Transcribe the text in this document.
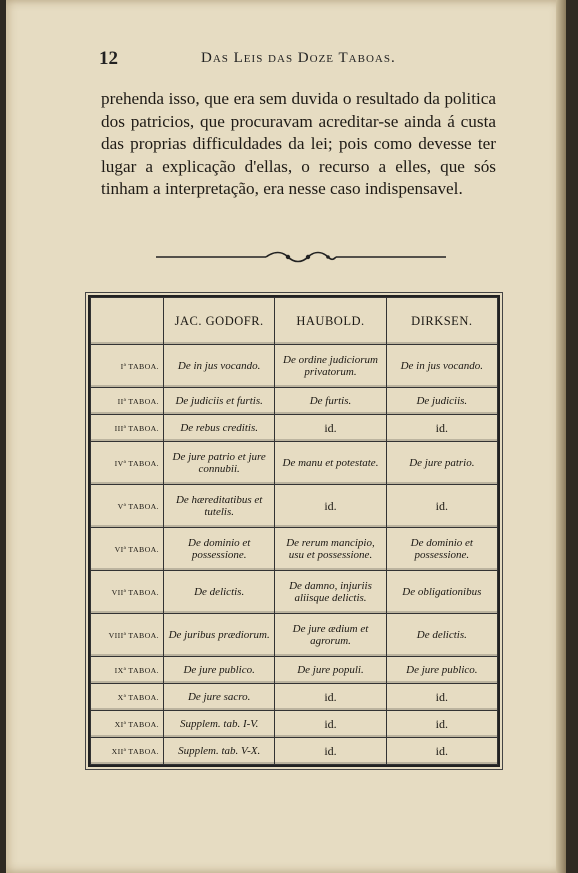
12	Das Leis das Doze Taboas.

prehenda isso, que era sem duvida o resultado da politica dos patricios, que procuravam acreditar-se ainda á custa das proprias difficuldades da lei; pois como devesse ter lugar a explicação d'ellas, o recurso a elles, que sós tinham a interpretação, era nesse caso indispensavel.

	JAC. GODOFR.	HAUBOLD.	DIRKSEN.
Iª TABOA.	De in jus vocando.	De ordine judiciorum privatorum.	De in jus vocando.
IIª TABOA.	De judiciis et furtis.	De furtis.	De judiciis.
IIIª TABOA.	De rebus creditis.	id.	id.
IVª TABOA.	De jure patrio et jure connubii.	De manu et potestate.	De jure patrio.
Vª TABOA.	De hæreditatibus et tutelis.	id.	id.
VIª TABOA.	De dominio et possessione.	De rerum mancipio, usu et possessione.	De dominio et possessione.
VIIª TABOA.	De delictis.	De damno, injuriis aliisque delictis.	De obligationibus
VIIIª TABOA.	De juribus prædiorum.	De jure ædium et agrorum.	De delictis.
IXª TABOA.	De jure publico.	De jure populi.	De jure publico.
Xª TABOA.	De jure sacro.	id.	id.
XIª TABOA.	Supplem. tab. I-V.	id.	id.
XIIª TABOA.	Supplem. tab. V-X.	id.	id.
